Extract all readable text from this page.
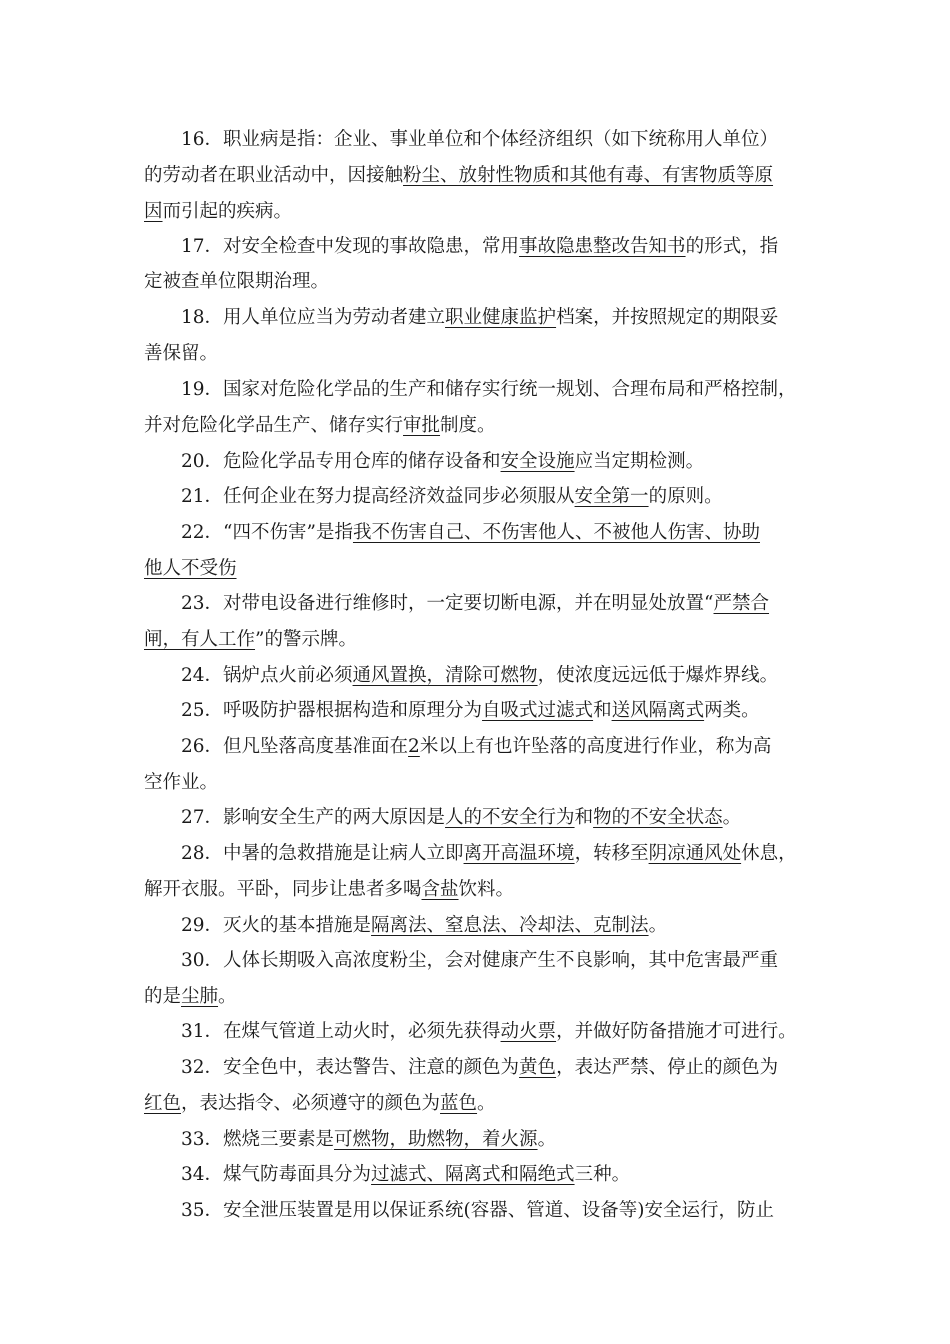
16．职业病是指：企业、事业单位和个体经济组织（如下统称用人单位）
的劳动者在职业活动中，因接触粉尘、放射性物质和其他有毒、有害物质等原
因而引起的疾病。
17．对安全检查中发现的事故隐患，常用事故隐患整改告知书的形式，指
定被查单位限期治理。
18．用人单位应当为劳动者建立职业健康监护档案，并按照规定的期限妥
善保留。
19．国家对危险化学品的生产和储存实行统一规划、合理布局和严格控制，
并对危险化学品生产、储存实行审批制度。
20．危险化学品专用仓库的储存设备和安全设施应当定期检测。
21．任何企业在努力提高经济效益同步必须服从安全第一的原则。
22．“四不伤害”是指我不伤害自己、不伤害他人、不被他人伤害、协助
他人不受伤
23．对带电设备进行维修时，一定要切断电源，并在明显处放置“严禁合
闸，有人工作”的警示牌。
24．锅炉点火前必须通风置换，清除可燃物，使浓度远远低于爆炸界线。
25．呼吸防护器根据构造和原理分为自吸式过滤式和送风隔离式两类。
26．但凡坠落高度基准面在2米以上有也许坠落的高度进行作业，称为高
空作业。
27．影响安全生产的两大原因是人的不安全行为和物的不安全状态。
28．中暑的急救措施是让病人立即离开高温环境，转移至阴凉通风处休息，
解开衣服。平卧，同步让患者多喝含盐饮料。
29．灭火的基本措施是隔离法、窒息法、冷却法、克制法。
30．人体长期吸入高浓度粉尘，会对健康产生不良影响，其中危害最严重
的是尘肺。
31．在煤气管道上动火时，必须先获得动火票，并做好防备措施才可进行。
32．安全色中，表达警告、注意的颜色为黄色，表达严禁、停止的颜色为
红色，表达指令、必须遵守的颜色为蓝色。
33．燃烧三要素是可燃物，助燃物，着火源。
34．煤气防毒面具分为过滤式、隔离式和隔绝式三种。
35．安全泄压装置是用以保证系统(容器、管道、设备等)安全运行，防止
